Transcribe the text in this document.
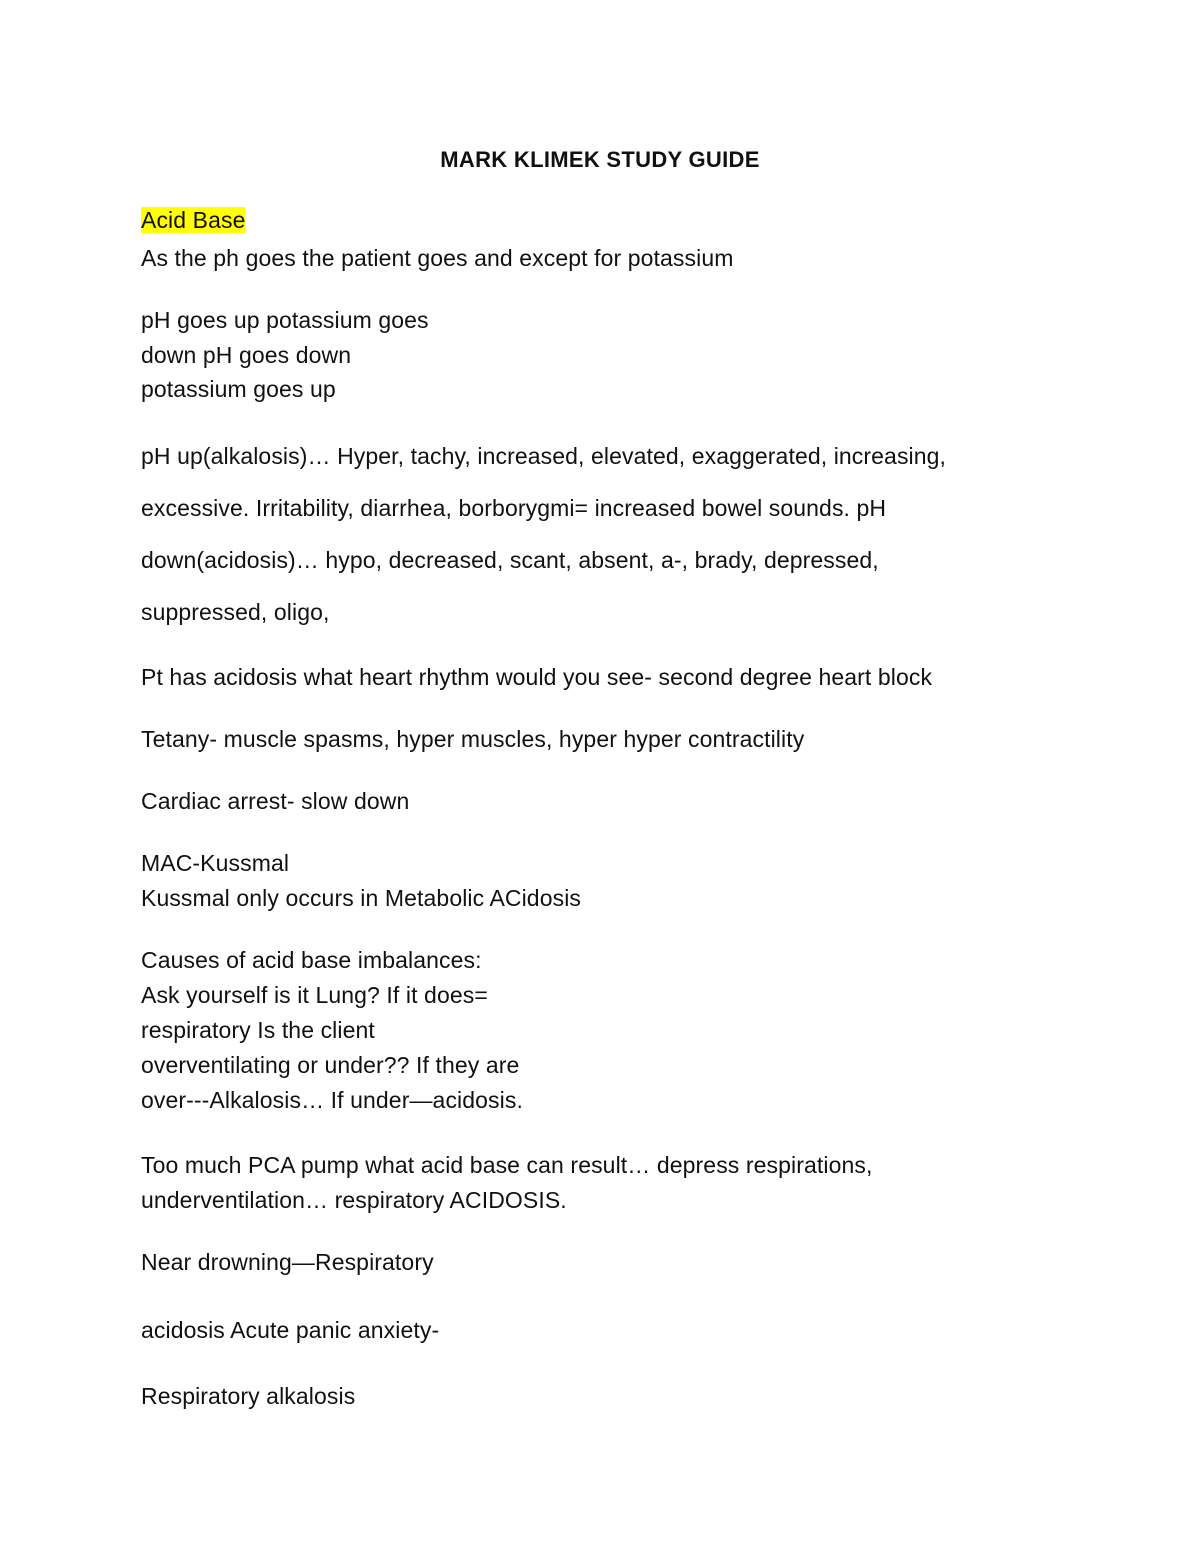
MARK KLIMEK STUDY GUIDE
Acid Base
As the ph goes the patient goes and except for potassium
pH goes up potassium goes
down pH goes down
potassium goes up
pH up(alkalosis)… Hyper, tachy, increased, elevated, exaggerated, increasing,
excessive. Irritability, diarrhea, borborygmi= increased bowel sounds. pH
down(acidosis)… hypo, decreased, scant, absent, a-, brady, depressed,
suppressed, oligo,
Pt has acidosis what heart rhythm would you see- second degree heart block
Tetany- muscle spasms, hyper muscles, hyper hyper contractility
Cardiac arrest- slow down
MAC-Kussmal
Kussmal only occurs in Metabolic ACidosis
Causes of acid base imbalances:
Ask yourself is it Lung? If it does=
respiratory Is the client
overventilating or under?? If they are
over---Alkalosis… If under—acidosis.
Too much PCA pump what acid base can result… depress respirations,
underventilation… respiratory ACIDOSIS.
Near drowning—Respiratory
acidosis Acute panic anxiety-
Respiratory alkalosis
